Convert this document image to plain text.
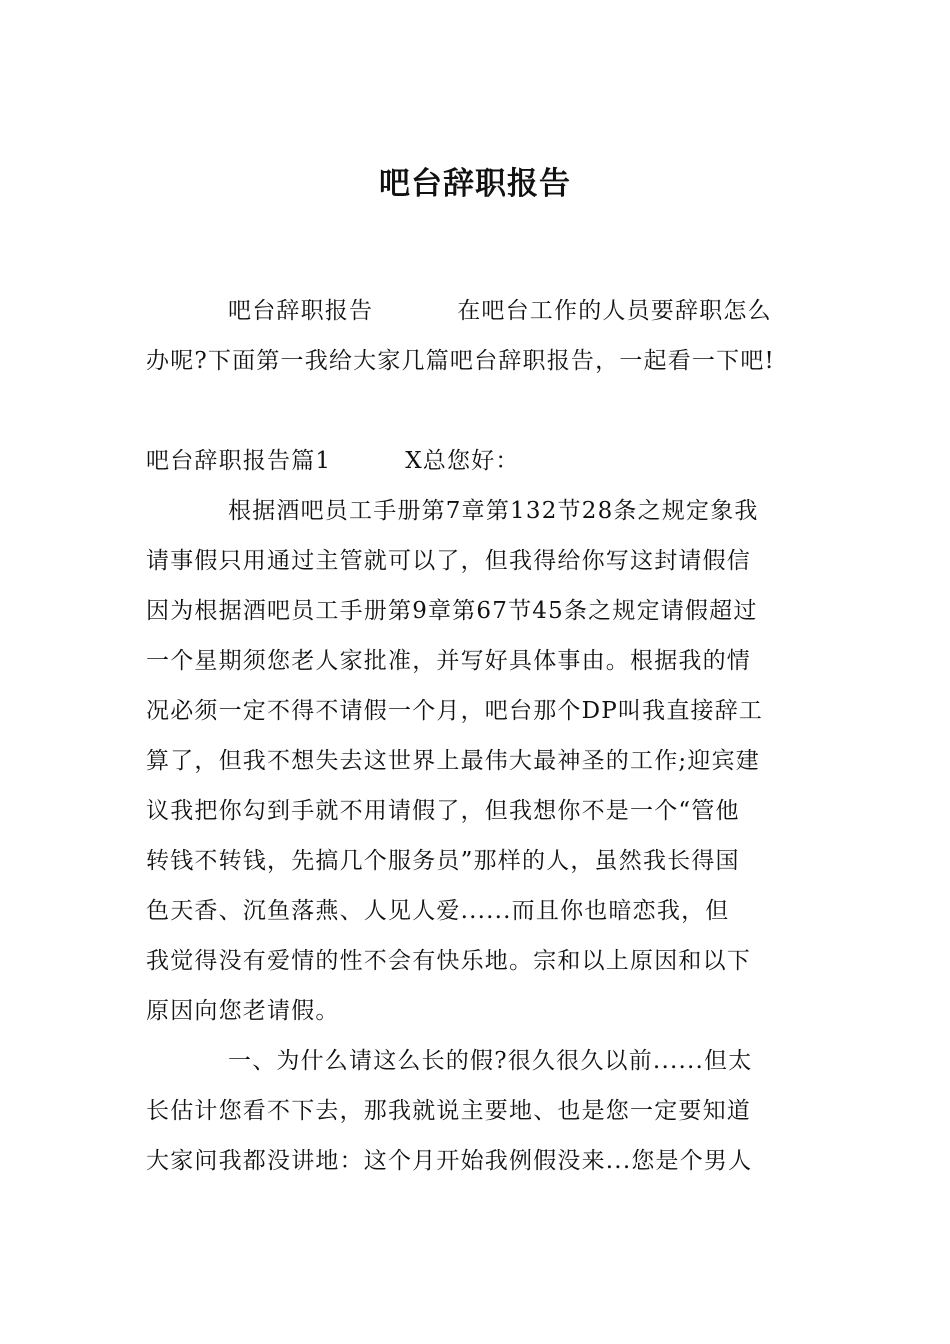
吧台辞职报告

吧台辞职报告	在吧台工作的人员要辞职怎么

办呢?下面第一我给大家几篇吧台辞职报告，一起看一下吧!

吧台辞职报告篇1	X总您好：

根据酒吧员工手册第7章第132节28条之规定象我

请事假只用通过主管就可以了，但我得给你写这封请假信

因为根据酒吧员工手册第9章第67节45条之规定请假超过

一个星期须您老人家批准，并写好具体事由。根据我的情

况必须一定不得不请假一个月，吧台那个DP叫我直接辞工

算了，但我不想失去这世界上最伟大最神圣的工作;迎宾建

议我把你勾到手就不用请假了，但我想你不是一个“管他

转钱不转钱，先搞几个服务员”那样的人，虽然我长得国

色天香、沉鱼落燕、人见人爱......而且你也暗恋我，但

我觉得没有爱情的性不会有快乐地。宗和以上原因和以下

原因向您老请假。

一、为什么请这么长的假?很久很久以前......但太

长估计您看不下去，那我就说主要地、也是您一定要知道

大家问我都没讲地：这个月开始我例假没来...您是个男人
